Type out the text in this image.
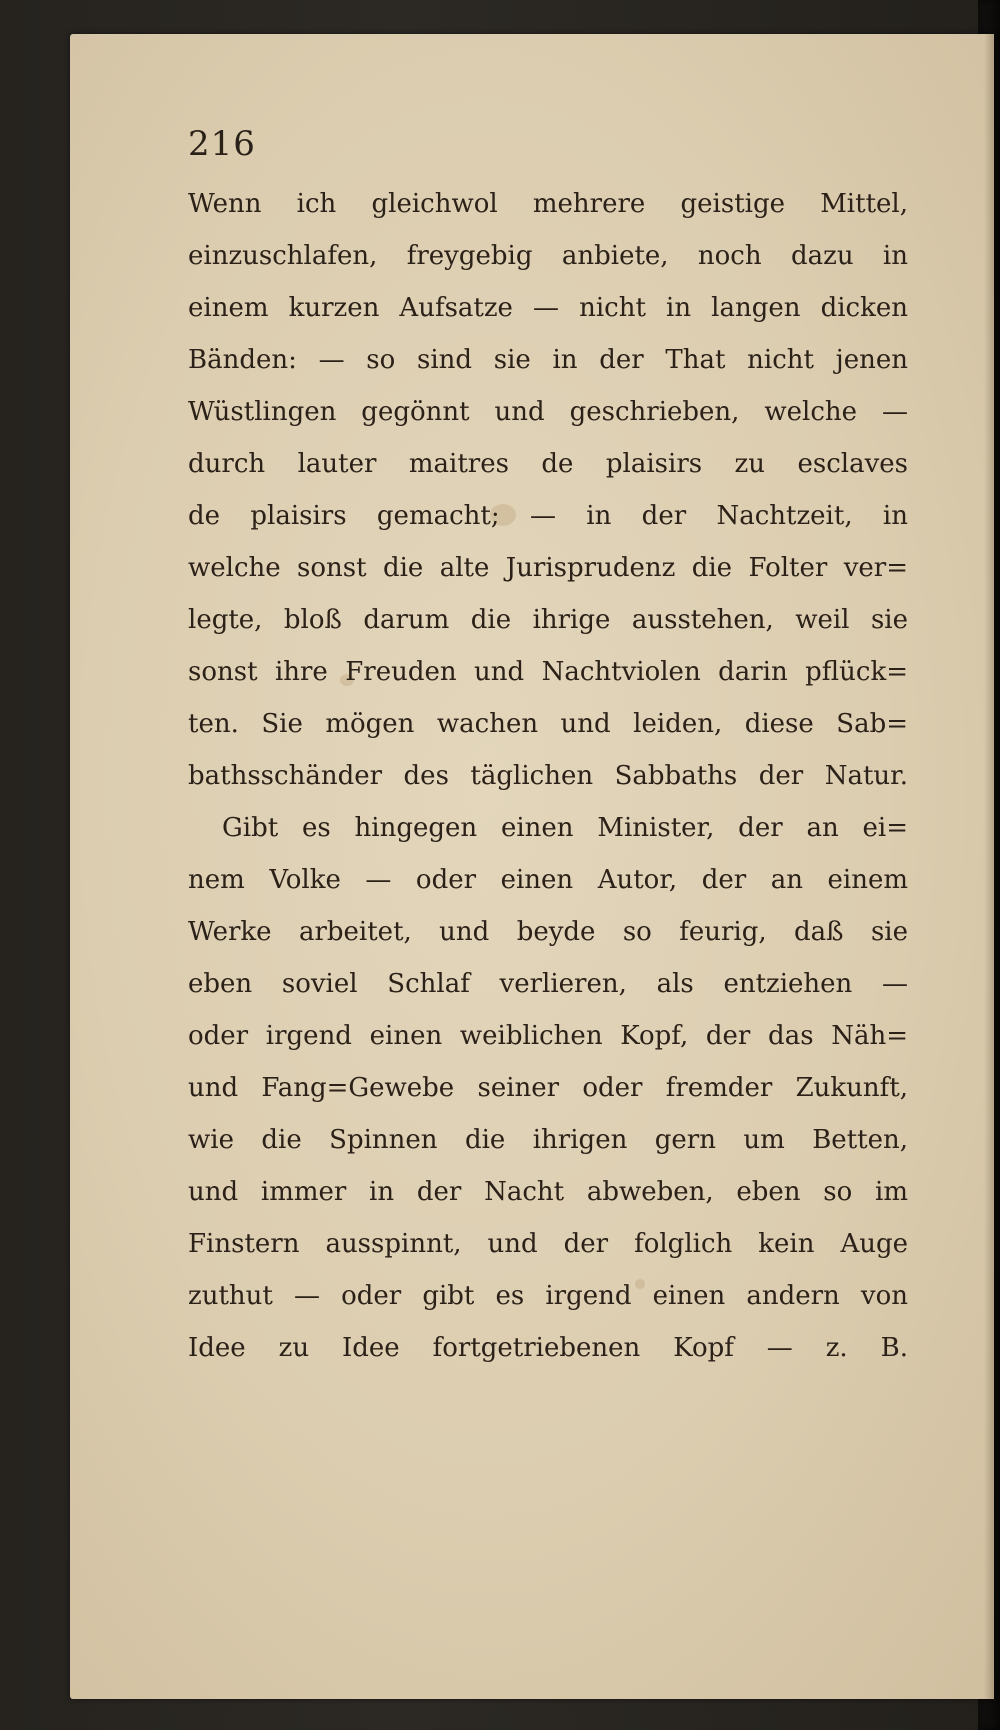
216
Wenn ich gleichwol mehrere geistige Mittel,
einzuschlafen, freygebig anbiete, noch dazu in
einem kurzen Aufsatze — nicht in langen dicken
Bänden: — so sind sie in der That nicht jenen
Wüstlingen gegönnt und geschrieben, welche —
durch lauter maitres de plaisirs zu esclaves
de plaisirs gemacht; — in der Nachtzeit, in
welche sonst die alte Jurisprudenz die Folter ver=
legte, bloß darum die ihrige ausstehen, weil sie
sonst ihre Freuden und Nachtviolen darin pflück=
ten. Sie mögen wachen und leiden, diese Sab=
bathsschänder des täglichen Sabbaths der Natur.
Gibt es hingegen einen Minister, der an ei=
nem Volke — oder einen Autor, der an einem
Werke arbeitet, und beyde so feurig, daß sie
eben soviel Schlaf verlieren, als entziehen —
oder irgend einen weiblichen Kopf, der das Näh=
und Fang=Gewebe seiner oder fremder Zukunft,
wie die Spinnen die ihrigen gern um Betten,
und immer in der Nacht abweben, eben so im
Finstern ausspinnt, und der folglich kein Auge
zuthut — oder gibt es irgend einen andern von
Idee zu Idee fortgetriebenen Kopf — z. B.
